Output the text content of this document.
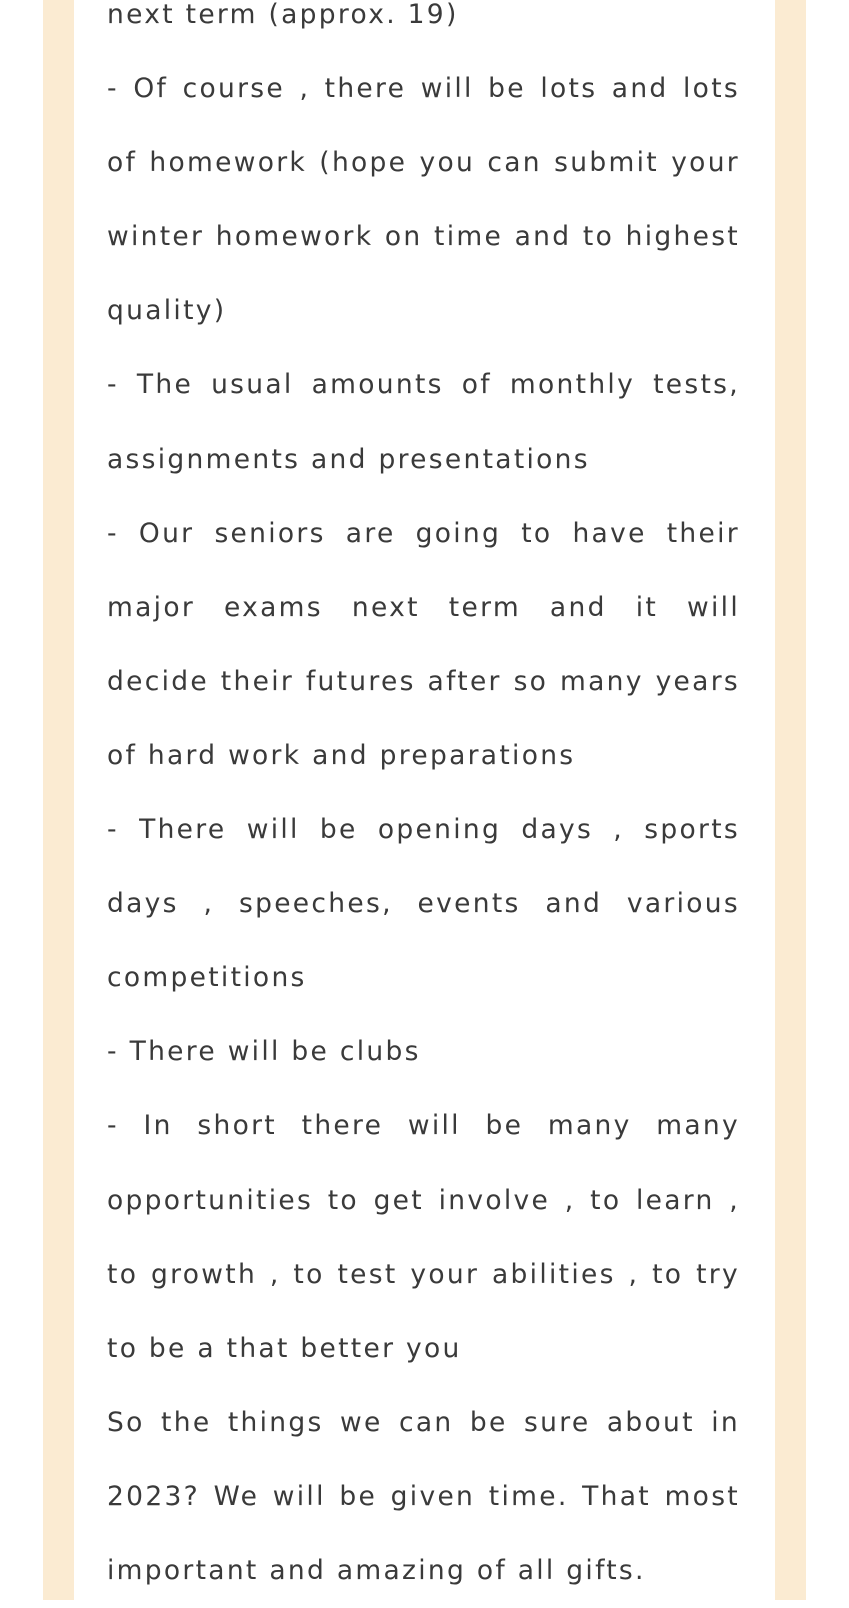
next term (approx. 19)

- Of course , there will be lots and lots of homework (hope you can submit your winter homework on time and to highest quality)

- The usual amounts of monthly tests, assignments and presentations

- Our seniors are going to have their major exams next term and it will decide their futures after so many years of hard work and preparations

- There will be opening days , sports days , speeches, events and various competitions

- There will be clubs

- In short there will be many many opportunities to get involve , to learn , to growth , to test your abilities , to try to be a that better you

So the things we can be sure about in 2023? We will be given time. That most important and amazing of all gifts.
